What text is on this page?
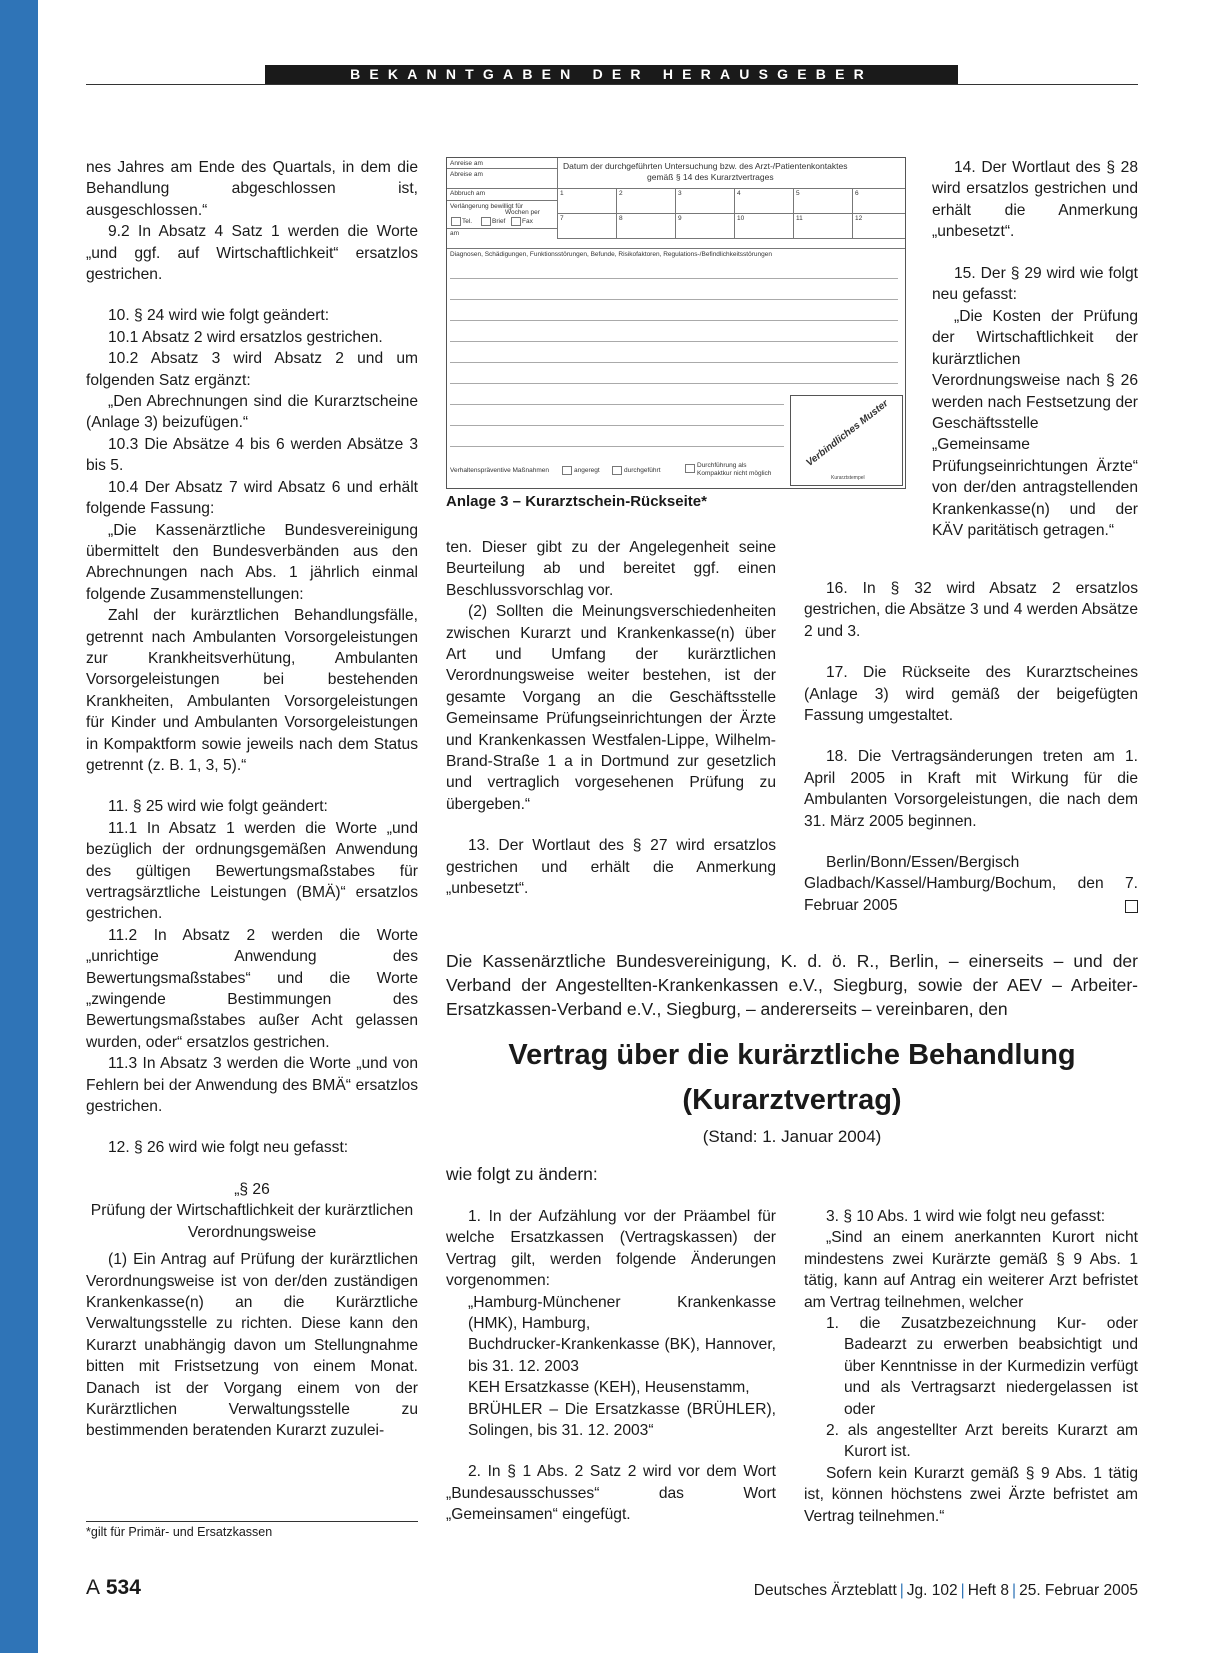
BEKANNTGABEN DER HERAUSGEBER

nes Jahres am Ende des Quartals, in dem die Behandlung abgeschlossen ist, ausgeschlossen.“

9.2 In Absatz 4 Satz 1 werden die Worte „und ggf. auf Wirtschaftlichkeit“ ersatzlos gestrichen.

10. § 24 wird wie folgt geändert:

10.1 Absatz 2 wird ersatzlos gestrichen.

10.2 Absatz 3 wird Absatz 2 und um folgenden Satz ergänzt:

„Den Abrechnungen sind die Kurarztscheine (Anlage 3) beizufügen.“

10.3 Die Absätze 4 bis 6 werden Absätze 3 bis 5.

10.4 Der Absatz 7 wird Absatz 6 und erhält folgende Fassung:

„Die Kassenärztliche Bundesvereinigung übermittelt den Bundesverbänden aus den Abrechnungen nach Abs. 1 jährlich einmal folgende Zusammenstellungen:

Zahl der kurärztlichen Behandlungsfälle, getrennt nach Ambulanten Vorsorgeleistungen zur Krankheitsverhütung, Ambulanten Vorsorgeleistungen bei bestehenden Krankheiten, Ambulanten Vorsorgeleistungen für Kinder und Ambulanten Vorsorgeleistungen in Kompaktform sowie jeweils nach dem Status getrennt (z. B. 1, 3, 5).“

11. § 25 wird wie folgt geändert:

11.1 In Absatz 1 werden die Worte „und bezüglich der ordnungsgemäßen Anwendung des gültigen Bewertungsmaßstabes für vertragsärztliche Leistungen (BMÄ)“ ersatzlos gestrichen.

11.2 In Absatz 2 werden die Worte „unrichtige Anwendung des Bewertungsmaßstabes“ und die Worte „zwingende Bestimmungen des Bewertungsmaßstabes außer Acht gelassen wurden, oder“ ersatzlos gestrichen.

11.3 In Absatz 3 werden die Worte „und von Fehlern bei der Anwendung des BMÄ“ ersatzlos gestrichen.

12. § 26 wird wie folgt neu gefasst:

„§ 26

Prüfung der Wirtschaftlichkeit der kurärztlichen Verordnungsweise

(1) Ein Antrag auf Prüfung der kurärztlichen Verordnungsweise ist von der/den zuständigen Krankenkasse(n) an die Kurärztliche Verwaltungsstelle zu richten. Diese kann den Kurarzt unabhängig davon um Stellungnahme bitten mit Fristsetzung von einem Monat. Danach ist der Vorgang einem von der Kurärztlichen Verwaltungsstelle zu bestimmenden beratenden Kurarzt zuzulei-

*gilt für Primär- und Ersatzkassen
Anreise am
Abreise am
Abbruch am
Verlängerung bewilligt für
Wochen per
Tel.	Brief	Fax
am
Datum der durchgeführten Untersuchung bzw. des Arzt-/Patientenkontaktes
gemäß § 14 des Kurarztvertrages
1	2	3	4	5	6
7	8	9	10	11	12
Diagnosen, Schädigungen, Funktionsstörungen, Befunde, Risikofaktoren, Regulations-/Befindlichkeitsstörungen
Verhaltenspräventive Maßnahmen	angeregt	durchgeführt
Durchführung als
Kompaktkur nicht möglich
Verbindliches Muster
Kurarztstempel
Anlage 3 – Kurarztschein-Rückseite*

ten. Dieser gibt zu der Angelegenheit seine Beurteilung ab und bereitet ggf. einen Beschlussvorschlag vor.

(2) Sollten die Meinungsverschiedenheiten zwischen Kurarzt und Krankenkasse(n) über Art und Umfang der kurärztlichen Verordnungsweise weiter bestehen, ist der gesamte Vorgang an die Geschäftsstelle Gemeinsame Prüfungseinrichtungen der Ärzte und Krankenkassen Westfalen-Lippe, Wilhelm-Brand-Straße 1 a in Dortmund zur gesetzlich und vertraglich vorgesehenen Prüfung zu übergeben.“

13. Der Wortlaut des § 27 wird ersatzlos gestrichen und erhält die Anmerkung „unbesetzt“.

14. Der Wortlaut des § 28 wird ersatzlos gestrichen und erhält die Anmerkung „unbesetzt“.

15. Der § 29 wird wie folgt neu gefasst:

„Die Kosten der Prüfung der Wirtschaftlichkeit der kurärztlichen Verordnungsweise nach § 26 werden nach Festsetzung der Geschäftsstelle „Gemeinsame Prüfungseinrichtungen Ärzte“ von der/den antragstellenden Krankenkasse(n) und der KÄV paritätisch getragen.“

16. In § 32 wird Absatz 2 ersatzlos gestrichen, die Absätze 3 und 4 werden Absätze 2 und 3.

17. Die Rückseite des Kurarztscheines (Anlage 3) wird gemäß der beigefügten Fassung umgestaltet.

18. Die Vertragsänderungen treten am 1. April 2005 in Kraft mit Wirkung für die Ambulanten Vorsorgeleistungen, die nach dem 31. März 2005 beginnen.

Berlin/Bonn/Essen/Bergisch Gladbach/Kassel/Hamburg/Bochum, den 7. Februar 2005

Die Kassenärztliche Bundesvereinigung, K. d. ö. R., Berlin, – einerseits – und der Verband der Angestellten-Krankenkassen e.V., Siegburg, sowie der AEV – Arbeiter-Ersatzkassen-Verband e.V., Siegburg, – andererseits – vereinbaren, den
Vertrag über die kurärztliche Behandlung
(Kurarztvertrag)
(Stand: 1. Januar 2004)
wie folgt zu ändern:

1. In der Aufzählung vor der Präambel für welche Ersatzkassen (Vertragskassen) der Vertrag gilt, werden folgende Änderungen vorgenommen:

„Hamburg-Münchener Krankenkasse (HMK), Hamburg,

Buchdrucker-Krankenkasse (BK), Hannover, bis 31. 12. 2003

KEH Ersatzkasse (KEH), Heusenstamm,

BRÜHLER – Die Ersatzkasse (BRÜHLER), Solingen, bis 31. 12. 2003“

2. In § 1 Abs. 2 Satz 2 wird vor dem Wort „Bundesausschusses“ das Wort „Gemeinsamen“ eingefügt.

3. § 10 Abs. 1 wird wie folgt neu gefasst:

„Sind an einem anerkannten Kurort nicht mindestens zwei Kurärzte gemäß § 9 Abs. 1 tätig, kann auf Antrag ein weiterer Arzt befristet am Vertrag teilnehmen, welcher

1. die Zusatzbezeichnung Kur- oder Badearzt zu erwerben beabsichtigt und über Kenntnisse in der Kurmedizin verfügt und als Vertragsarzt niedergelassen ist oder

2. als angestellter Arzt bereits Kurarzt am Kurort ist.

Sofern kein Kurarzt gemäß § 9 Abs. 1 tätig ist, können höchstens zwei Ärzte befristet am Vertrag teilnehmen.“

A 534	Deutsches Ärzteblatt | Jg. 102 | Heft 8 | 25. Februar 2005
